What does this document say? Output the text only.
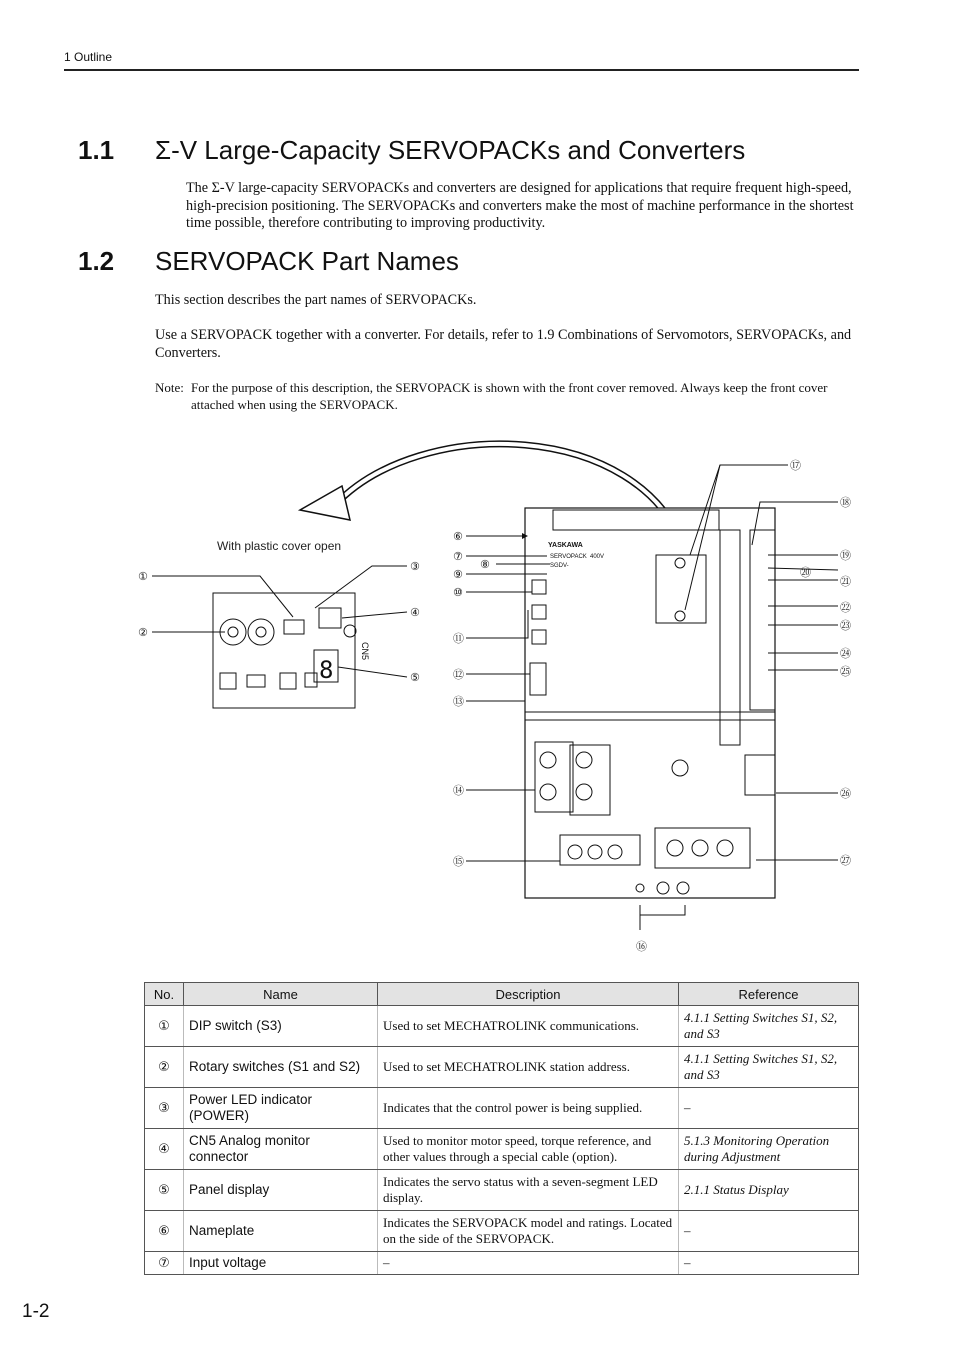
1 Outline
1.1 Σ-V Large-Capacity SERVOPACKs and Converters
The Σ-V large-capacity SERVOPACKs and converters are designed for applications that require frequent high-speed, high-precision positioning. The SERVOPACKs and converters make the most of machine performance in the shortest time possible, therefore contributing to improving productivity.
1.2 SERVOPACK Part Names
This section describes the part names of SERVOPACKs.
Use a SERVOPACK together with a converter. For details, refer to 1.9 Combinations of Servomotors, SERVOPACKs, and Converters.
Note: For the purpose of this description, the SERVOPACK is shown with the front cover removed. Always keep the front cover attached when using the SERVOPACK.
With plastic cover open
8
CN5
YASKAWA
SERVOPACK 400V
SGDV-
①
②
③
④
⑤
⑥
⑦
⑧
⑨
⑩
⑪
⑫
⑬
⑭
⑮
⑯
⑰
⑱
⑲
⑳
㉑
㉒
㉓
㉔
㉕
㉖
㉗
No.	Name	Description	Reference
①	DIP switch (S3)	Used to set MECHATROLINK communications.	4.1.1 Setting Switches S1, S2, and S3
②	Rotary switches (S1 and S2)	Used to set MECHATROLINK station address.	4.1.1 Setting Switches S1, S2, and S3
③	Power LED indicator (POWER)	Indicates that the control power is being supplied.	–
④	CN5 Analog monitor connector	Used to monitor motor speed, torque reference, and other values through a special cable (option).	5.1.3 Monitoring Operation during Adjustment
⑤	Panel display	Indicates the servo status with a seven-segment LED display.	2.1.1 Status Display
⑥	Nameplate	Indicates the SERVOPACK model and ratings. Located on the side of the SERVOPACK.	–
⑦	Input voltage	–	–
1-2
